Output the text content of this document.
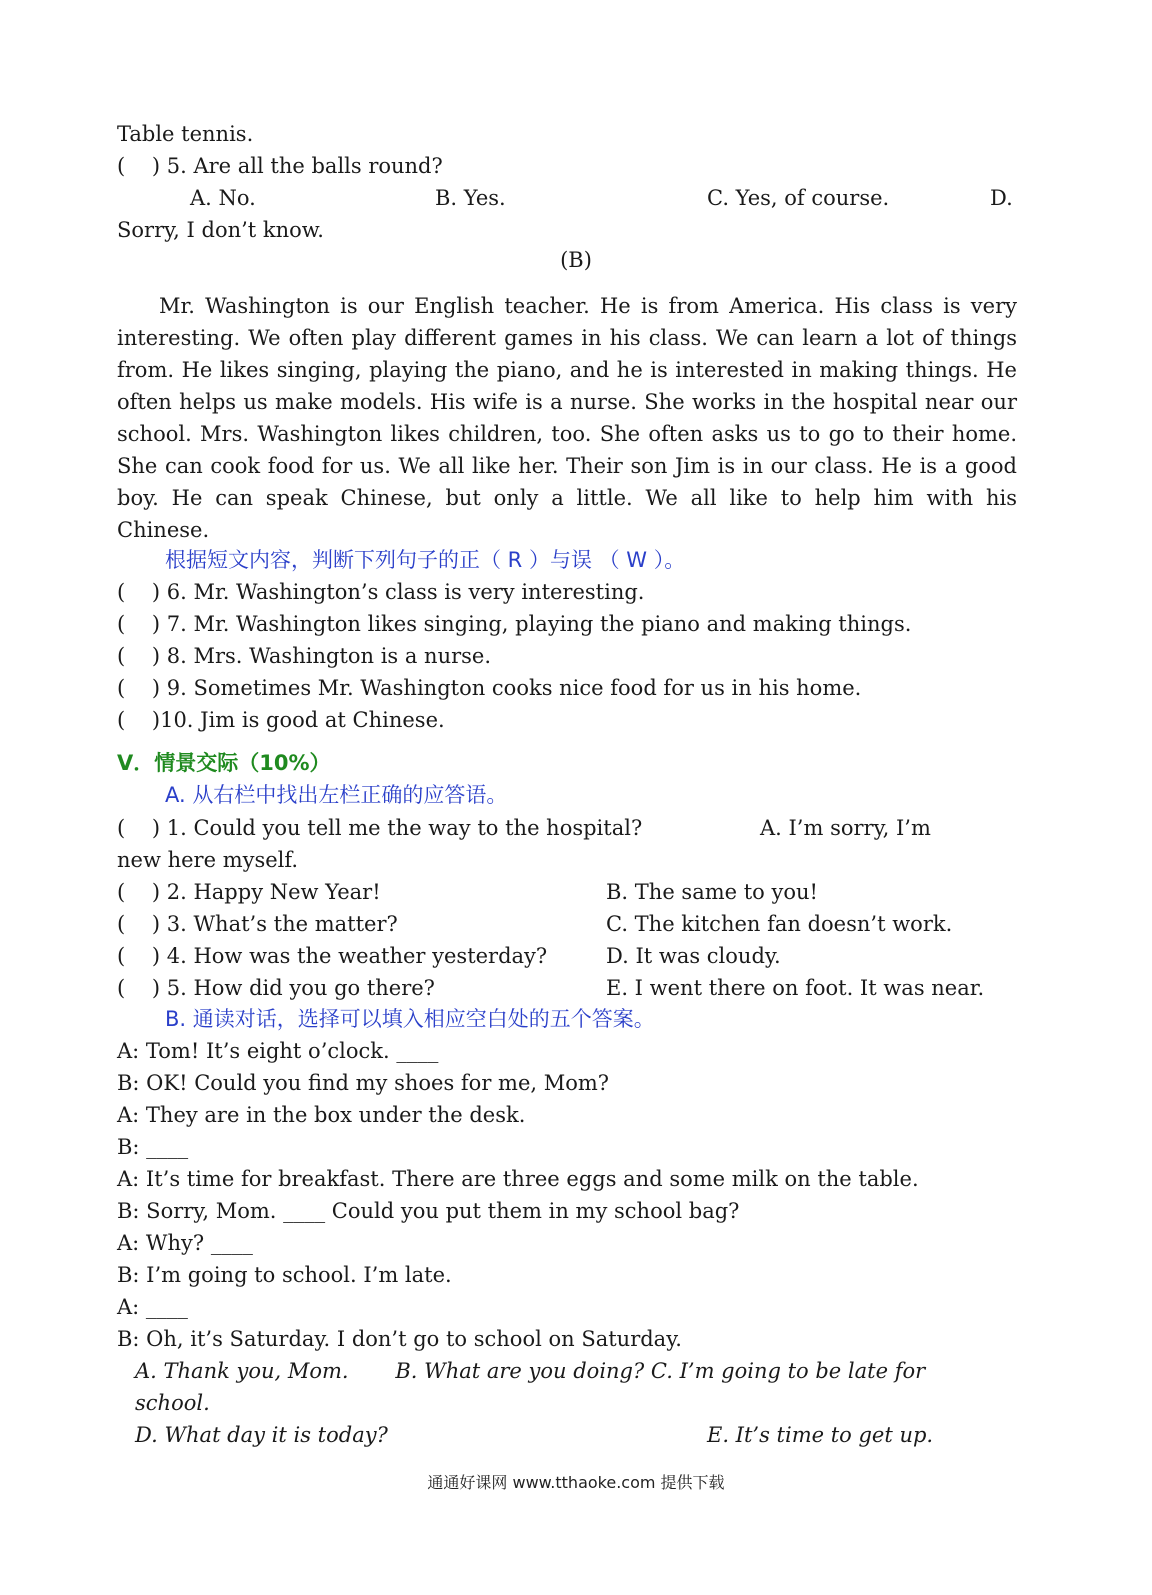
Table tennis.
(    ) 5. Are all the balls round?
A. No.	B. Yes.	C. Yes, of course.	D.
Sorry, I don’t know.
(B)
Mr. Washington is our English teacher. He is from America. His class is very interesting. We often play different games in his class. We can learn a lot of things from. He likes singing, playing the piano, and he is interested in making things. He often helps us make models. His wife is a nurse. She works in the hospital near our school. Mrs. Washington likes children, too. She often asks us to go to their home. She can cook food for us. We all like her. Their son Jim is in our class. He is a good boy. He can speak Chinese, but only a little. We all like to help him with his Chinese.
根据短文内容，判断下列句子的正（ R ）与误 （ W ）。
(    ) 6. Mr. Washington’s class is very interesting.
(    ) 7. Mr. Washington likes singing, playing the piano and making things.
(    ) 8. Mrs. Washington is a nurse.
(    ) 9. Sometimes Mr. Washington cooks nice food for us in his home.
(    )10. Jim is good at Chinese.
V．情景交际（10%）
A. 从右栏中找出左栏正确的应答语。
(    ) 1. Could you tell me the way to the hospital?	A. I’m sorry, I’m
new here myself.
(    ) 2. Happy New Year!	B. The same to you!
(    ) 3. What’s the matter?	C. The kitchen fan doesn’t work.
(    ) 4. How was the weather yesterday?	D. It was cloudy.
(    ) 5. How did you go there?	E. I went there on foot. It was near.
B. 通读对话，选择可以填入相应空白处的五个答案。
A: Tom! It’s eight o’clock. ____
B: OK! Could you find my shoes for me, Mom?
A: They are in the box under the desk.
B: ____
A: It’s time for breakfast. There are three eggs and some milk on the table.
B: Sorry, Mom. ____ Could you put them in my school bag?
A: Why? ____
B: I’m going to school. I’m late.
A: ____
B: Oh, it’s Saturday. I don’t go to school on Saturday.
A. Thank you, Mom.       B. What are you doing? C. I’m going to be late for
school.
D. What day it is today?	E. It’s time to get up.
通通好课网 www.tthaoke.com 提供下载
